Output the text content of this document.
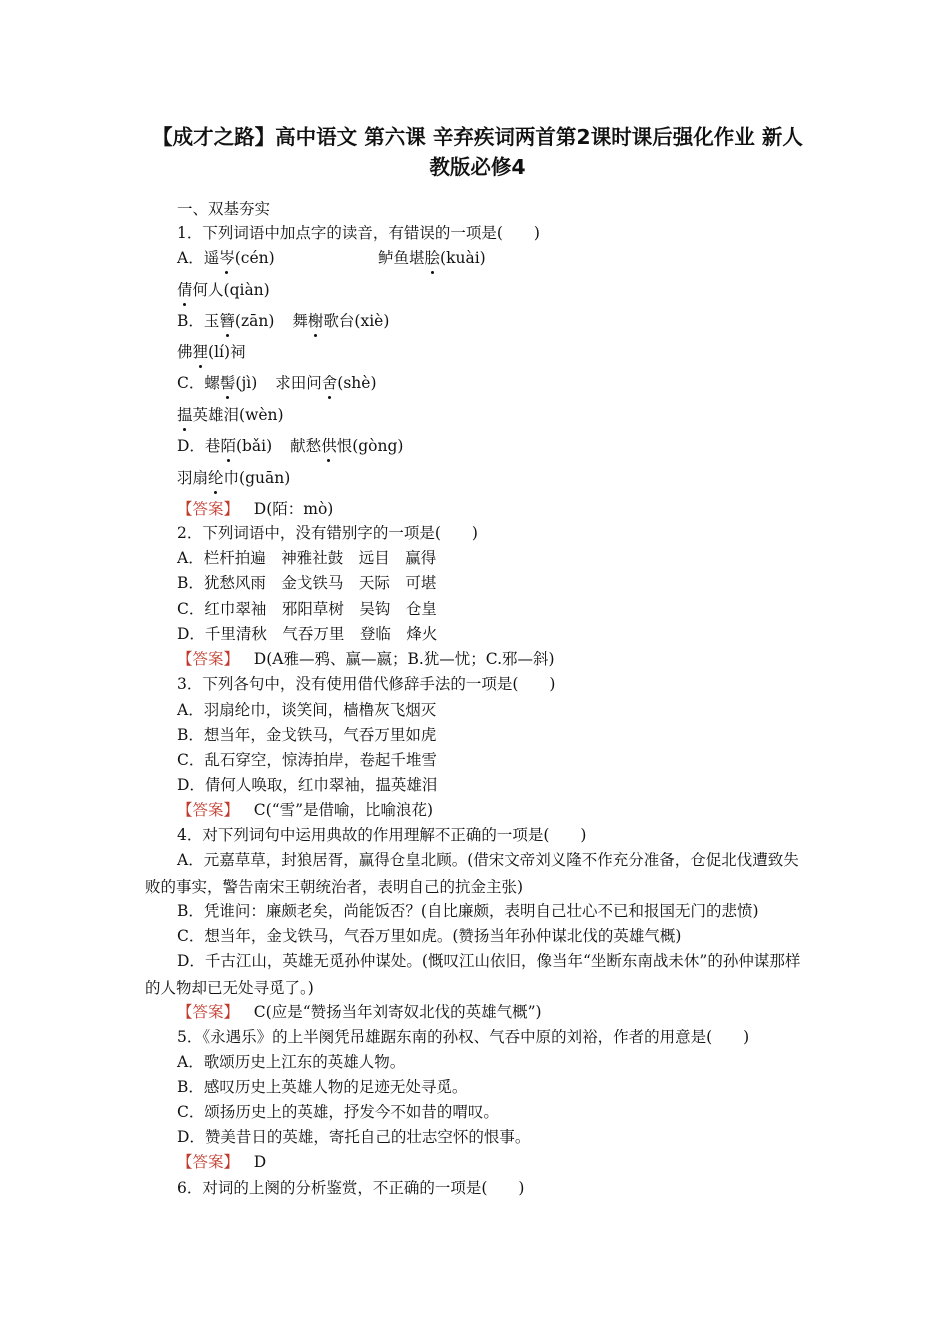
【成才之路】高中语文 第六课 辛弃疾词两首第2课时课后强化作业 新人教版必修4
一、双基夯实
1．下列词语中加点字的读音，有错误的一项是(　　)
A．遥岑(cén)	鲈鱼堪脍(kuài)
倩何人(qiàn)
B．玉簪(zān) 舞榭歌台(xiè)
佛狸(lí)祠
C．螺髻(jì) 求田问舍(shè)
揾英雄泪(wèn)
D．巷陌(bǎi) 献愁供恨(gòng)
羽扇纶巾(guān)
【答案】 D(陌：mò)
2．下列词语中，没有错别字的一项是(　　)
A．栏杆拍遍　神雅社鼓　远目　赢得
B．犹愁风雨　金戈铁马　天际　可堪
C．红巾翠袖　邪阳草树　吴钩　仓皇
D．千里清秋　气吞万里　登临　烽火
【答案】 D(A雅—鸦、赢—嬴；B.犹—忧；C.邪—斜)
3．下列各句中，没有使用借代修辞手法的一项是(　　)
A．羽扇纶巾，谈笑间，樯橹灰飞烟灭
B．想当年，金戈铁马，气吞万里如虎
C．乱石穿空，惊涛拍岸，卷起千堆雪
D．倩何人唤取，红巾翠袖，揾英雄泪
【答案】 C(“雪”是借喻，比喻浪花)
4．对下列词句中运用典故的作用理解不正确的一项是(　　)
A．元嘉草草，封狼居胥，赢得仓皇北顾。(借宋文帝刘义隆不作充分准备，仓促北伐遭致失败的事实，警告南宋王朝统治者，表明自己的抗金主张)
B．凭谁问：廉颇老矣，尚能饭否？(自比廉颇，表明自己壮心不已和报国无门的悲愤)
C．想当年，金戈铁马，气吞万里如虎。(赞扬当年孙仲谋北伐的英雄气概)
D．千古江山，英雄无觅孙仲谋处。(慨叹江山依旧，像当年“坐断东南战未休”的孙仲谋那样的人物却已无处寻觅了。)
【答案】 C(应是“赞扬当年刘寄奴北伐的英雄气概”)
5．《永遇乐》的上半阕凭吊雄踞东南的孙权、气吞中原的刘裕，作者的用意是(　　)
A．歌颂历史上江东的英雄人物。
B．感叹历史上英雄人物的足迹无处寻觅。
C．颂扬历史上的英雄，抒发今不如昔的喟叹。
D．赞美昔日的英雄，寄托自己的壮志空怀的恨事。
【答案】 D
6．对词的上阕的分析鉴赏，不正确的一项是(　　)
